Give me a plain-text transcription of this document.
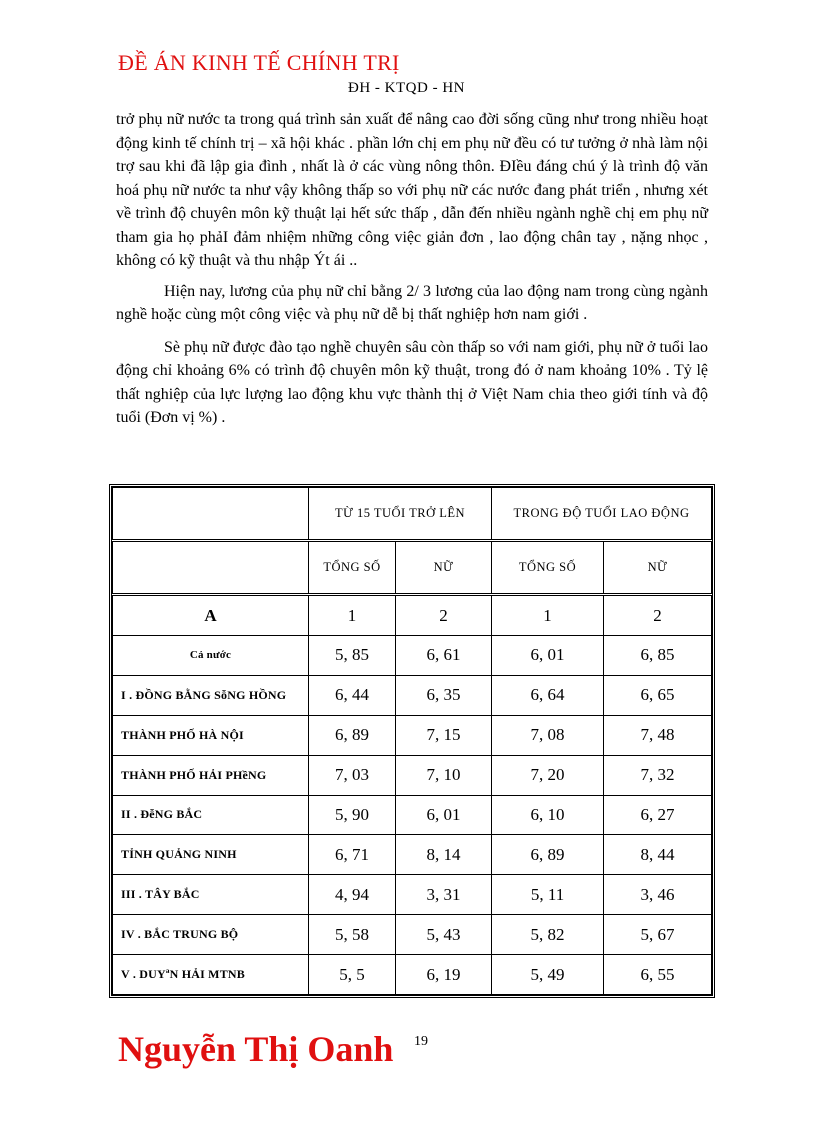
ĐỀ ÁN KINH TẾ CHÍNH TRỊ
ĐH - KTQD - HN

trở phụ nữ nước ta trong quá trình sản xuất để nâng cao đời sống cũng như trong nhiều hoạt động kinh tế chính trị – xã hội khác . phần lớn chị em phụ nữ đều có tư tưởng ở nhà làm nội trợ sau khi đã lập gia đình , nhất là ở các vùng nông thôn. ĐIều đáng chú ý là trình độ văn hoá phụ nữ nước ta như vậy không thấp so với phụ nữ các nước đang phát triển , nhưng xét về trình độ chuyên môn kỹ thuật lại hết sức thấp , dẫn đến nhiều ngành nghề chị em phụ nữ tham gia họ phảI đảm nhiệm những công việc giản đơn , lao động chân tay , nặng nhọc , không có kỹ thuật và thu nhập Ýt ái ..

Hiện nay, lương của phụ nữ chỉ bằng 2/ 3 lương của lao động nam trong cùng ngành nghề hoặc cùng một công việc và phụ nữ dễ bị thất nghiệp hơn nam giới .

Sè phụ nữ được đào tạo nghề chuyên sâu còn thấp so với nam giới, phụ nữ ở tuổi lao động chỉ khoảng 6% có trình độ chuyên môn kỹ thuật, trong đó ở nam khoảng 10% . Tỷ lệ thất nghiệp của lực lượng lao động khu vực thành thị ở Việt Nam chia theo giới tính và độ tuổi (Đơn vị %) .

	TỪ 15 TUỔI TRỞ LÊN		TRONG ĐỘ TUỔI LAO ĐỘNG	
	TỔNG SỐ	NỮ	TỔNG SỐ	NỮ
A	1	2	1	2
Cả nước	5, 85	6, 61	6, 01	6, 85
I . ĐỒNG BẰNG SỗNG HỒNG	6, 44	6, 35	6, 64	6, 65
THÀNH PHỐ HÀ NỘI	6, 89	7, 15	7, 08	7, 48
THÀNH PHỐ HẢI PHềNG	7, 03	7, 10	7, 20	7, 32
II . ĐễNG BẮC	5, 90	6, 01	6, 10	6, 27
TỈNH QUẢNG NINH	6, 71	8, 14	6, 89	8, 44
III . TÂY BẮC	4, 94	3, 31	5, 11	3, 46
IV . BẮC TRUNG BỘ	5, 58	5, 43	5, 82	5, 67
V . DUYªN HẢI MTNB	5, 5	6, 19	5, 49	6, 55
Nguyễn Thị Oanh 19
